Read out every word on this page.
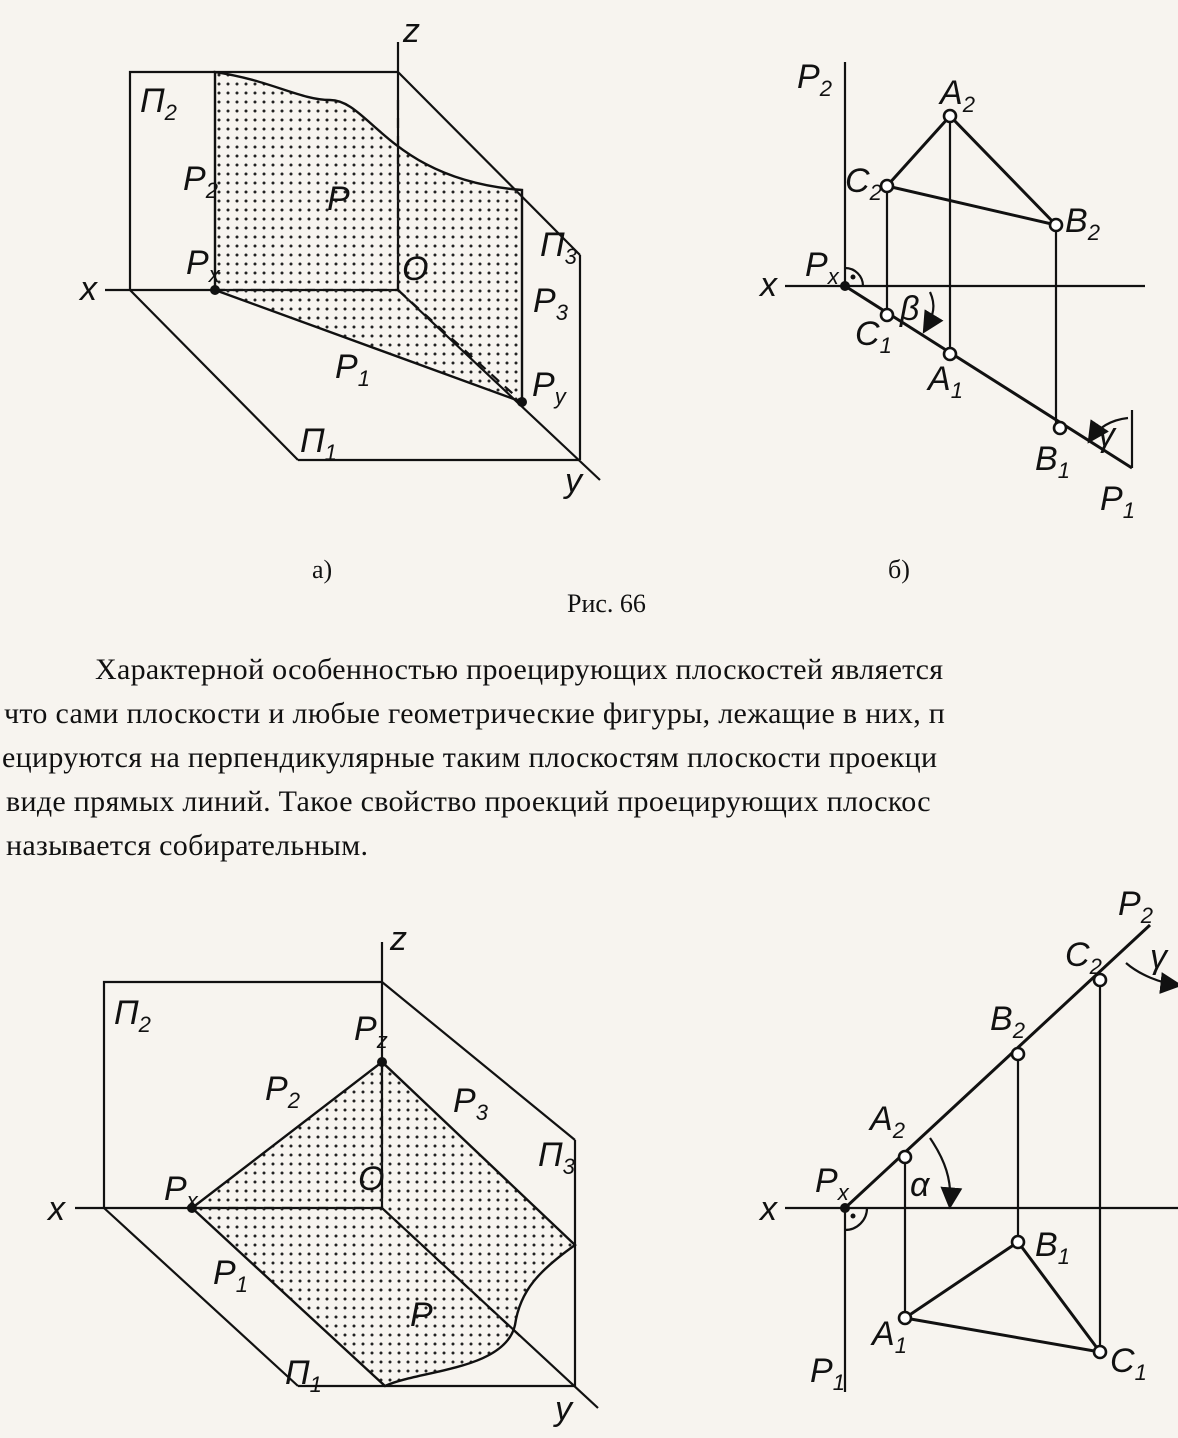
z
x
y
O
$П_2$
$P_2$
$P_x$
P
$П_3$
$P_3$
$P_1$	$P_y$
$П_1$
а)
$P_2$	$A_2$
$C_2$
$B_2$
x
$P_x$
β
$C_1$
$A_1$
$B_1$
γ
$P_1$
б)
Рис. 66
z
x
y
O
$П_2$	$P_z$
$P_2$	$P_3$
$П_3$
$P_x$
$P_1$
P
$П_1$
$P_2$
$C_2$ γ
$B_2$
$A_2$
x
$P_x$ α
$B_1$
$A_1$	$C_1$
$P_1$
Характерной особенностью проецирующих плоскостей являетcя
что сами плоскости и любые геометрические фигуры, лежащие в них, п
ецируются на перпендикулярные таким плоскостям плоскости проекци
виде прямых линий. Такое свойство проекций проецирующих плоскос
называется собирательным.
